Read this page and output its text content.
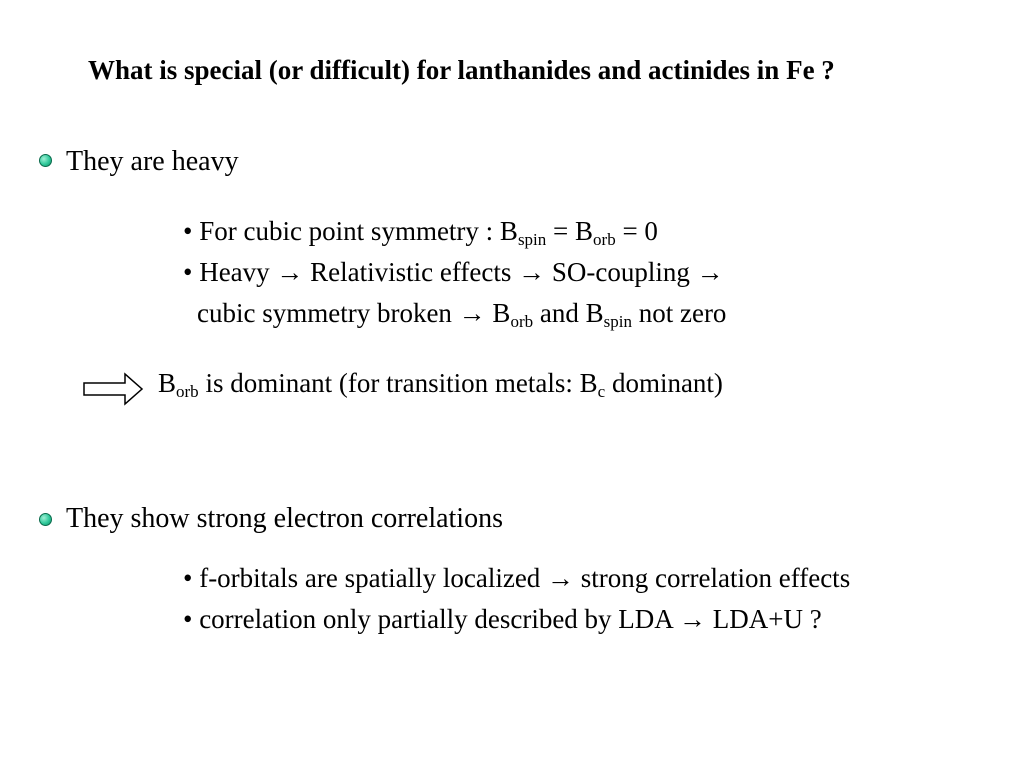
What is special (or difficult) for lanthanides and actinides in Fe ?
They are heavy
• For cubic point symmetry : $B_{spin} = B_{orb} = 0$
• Heavy → Relativistic effects → SO-coupling →
cubic symmetry broken → $B_{orb}$ and $B_{spin}$ not zero
$B_{orb}$ is dominant (for transition metals: $B_c$ dominant)
They show strong electron correlations
• f-orbitals are spatially localized → strong correlation effects
• correlation only partially described by LDA → LDA+U ?
